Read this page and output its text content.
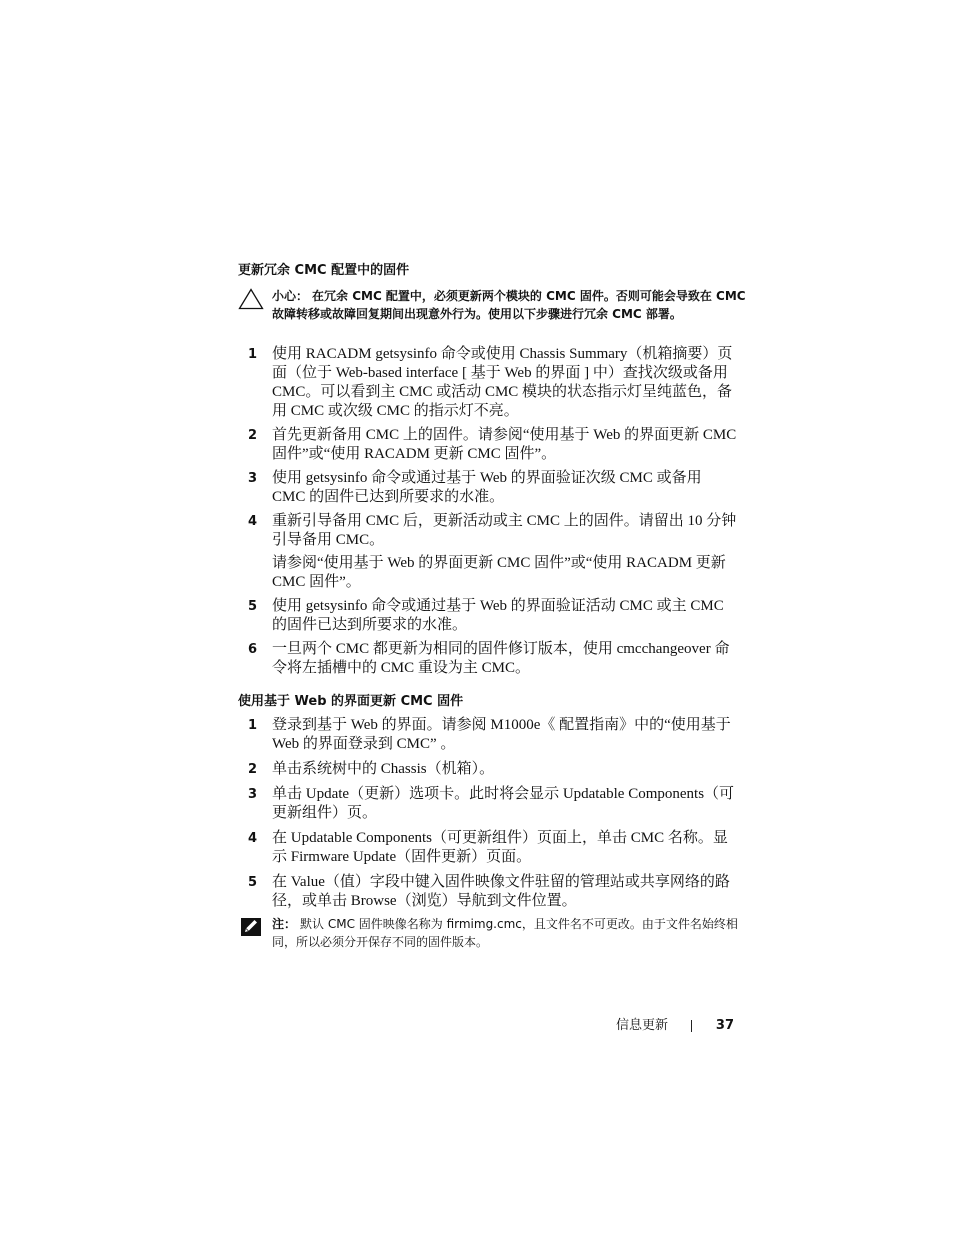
更新冗余 CMC 配置中的固件

小心： 在冗余 CMC 配置中，必须更新两个模块的 CMC 固件。否则可能会导致在 CMC 故障转移或故障回复期间出现意外行为。使用以下步骤进行冗余 CMC 部署。

1 使用 RACADM getsysinfo 命令或使用 Chassis Summary（机箱摘要）页面（位于 Web-based interface [ 基于 Web 的界面 ] 中）查找次级或备用 CMC。可以看到主 CMC 或活动 CMC 模块的状态指示灯呈纯蓝色，备用 CMC 或次级 CMC 的指示灯不亮。

2 首先更新备用 CMC 上的固件。请参阅“使用基于 Web 的界面更新 CMC 固件”或“使用 RACADM 更新 CMC 固件”。

3 使用 getsysinfo 命令或通过基于 Web 的界面验证次级 CMC 或备用 CMC 的固件已达到所要求的水准。

4 重新引导备用 CMC 后，更新活动或主 CMC 上的固件。请留出 10 分钟引导备用 CMC。

请参阅“使用基于 Web 的界面更新 CMC 固件”或“使用 RACADM 更新 CMC 固件”。

5 使用 getsysinfo 命令或通过基于 Web 的界面验证活动 CMC 或主 CMC 的固件已达到所要求的水准。

6 一旦两个 CMC 都更新为相同的固件修订版本，使用 cmcchangeover 命令将左插槽中的 CMC 重设为主 CMC。

使用基于 Web 的界面更新 CMC 固件
1 登录到基于 Web 的界面。请参阅 M1000e《 配置指南》中的“使用基于 Web 的界面登录到 CMC” 。

2 单击系统树中的 Chassis（机箱）。

3 单击 Update（更新）选项卡。此时将会显示 Updatable Components（可更新组件）页。

4 在 Updatable Components（可更新组件）页面上，单击 CMC 名称。显示 Firmware Update（固件更新）页面。

5 在 Value（值）字段中键入固件映像文件驻留的管理站或共享网络的路径，或单击 Browse（浏览）导航到文件位置。

注： 默认 CMC 固件映像名称为 firmimg.cmc，且文件名不可更改。由于文件名始终相同，所以必须分开保存不同的固件版本。

信息更新	37
